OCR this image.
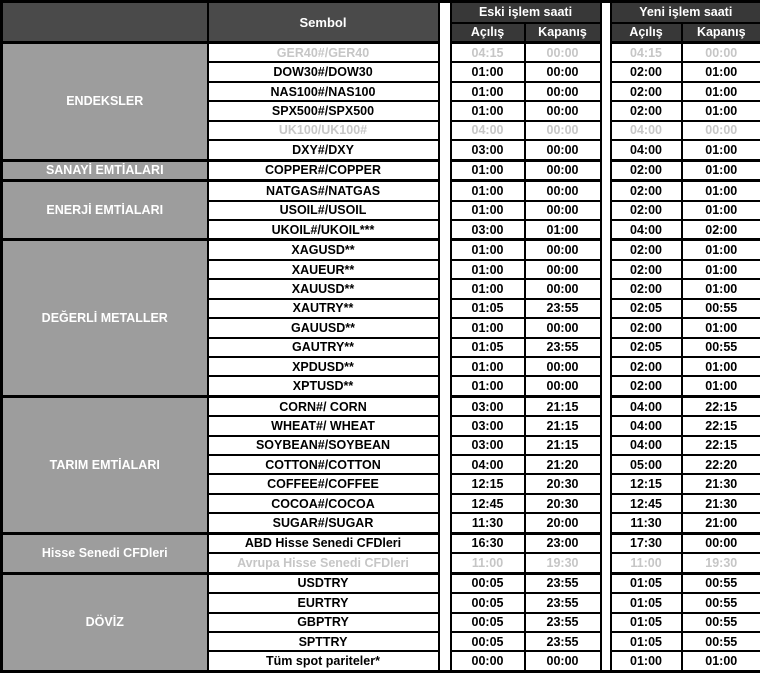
	Sembol		Eski işlem saati			Yeni işlem saati	
			Açılış	Kapanış		Açılış	Kapanış
ENDEKSLER	GER40#/GER40		04:15	00:00		04:15	00:00
	DOW30#/DOW30		01:00	00:00		02:00	01:00
	NAS100#/NAS100		01:00	00:00		02:00	01:00
	SPX500#/SPX500		01:00	00:00		02:00	01:00
	UK100/UK100#		04:00	00:00		04:00	00:00
	DXY#/DXY		03:00	00:00		04:00	01:00
SANAYİ EMTİALARI	COPPER#/COPPER		01:00	00:00		02:00	01:00
ENERJİ EMTİALARI	NATGAS#/NATGAS		01:00	00:00		02:00	01:00
	USOIL#/USOIL		01:00	00:00		02:00	01:00
	UKOIL#/UKOIL***		03:00	01:00		04:00	02:00
DEĞERLİ METALLER	XAGUSD**		01:00	00:00		02:00	01:00
	XAUEUR**		01:00	00:00		02:00	01:00
	XAUUSD**		01:00	00:00		02:00	01:00
	XAUTRY**		01:05	23:55		02:05	00:55
	GAUUSD**		01:00	00:00		02:00	01:00
	GAUTRY**		01:05	23:55		02:05	00:55
	XPDUSD**		01:00	00:00		02:00	01:00
	XPTUSD**		01:00	00:00		02:00	01:00
TARIM EMTİALARI	CORN#/ CORN		03:00	21:15		04:00	22:15
	WHEAT#/ WHEAT		03:00	21:15		04:00	22:15
	SOYBEAN#/SOYBEAN		03:00	21:15		04:00	22:15
	COTTON#/COTTON		04:00	21:20		05:00	22:20
	COFFEE#/COFFEE		12:15	20:30		12:15	21:30
	COCOA#/COCOA		12:45	20:30		12:45	21:30
	SUGAR#/SUGAR		11:30	20:00		11:30	21:00
Hisse Senedi CFDleri	ABD Hisse Senedi CFDleri		16:30	23:00		17:30	00:00
	Avrupa Hisse Senedi CFDleri		11:00	19:30		11:00	19:30
DÖVİZ	USDTRY		00:05	23:55		01:05	00:55
	EURTRY		00:05	23:55		01:05	00:55
	GBPTRY		00:05	23:55		01:05	00:55
	SPTTRY		00:05	23:55		01:05	00:55
	Tüm spot pariteler*		00:00	00:00		01:00	01:00
